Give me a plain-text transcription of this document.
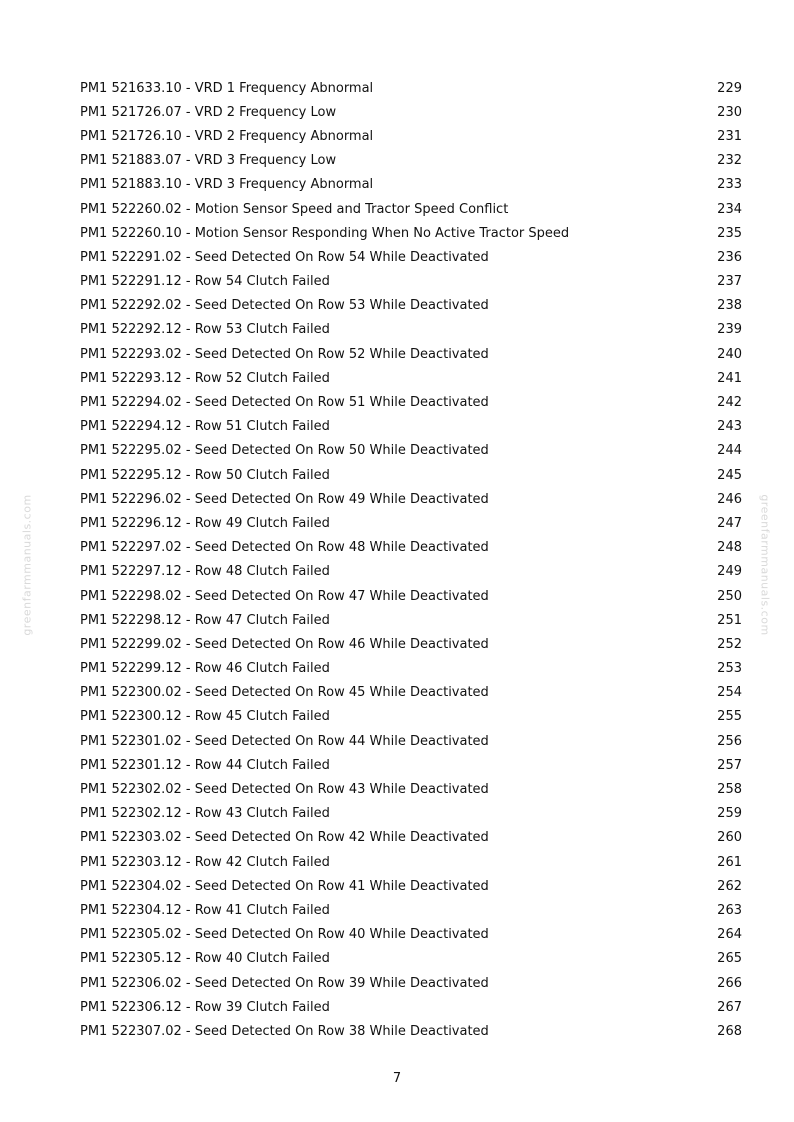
greenfarmmanuals.com	greenfarmmanuals.com
PM1 521633.10 - VRD 1 Frequency Abnormal	229
PM1 521726.07 - VRD 2 Frequency Low	230
PM1 521726.10 - VRD 2 Frequency Abnormal	231
PM1 521883.07 - VRD 3 Frequency Low	232
PM1 521883.10 - VRD 3 Frequency Abnormal	233
PM1 522260.02 - Motion Sensor Speed and Tractor Speed Conflict	234
PM1 522260.10 - Motion Sensor Responding When No Active Tractor Speed	235
PM1 522291.02 - Seed Detected On Row 54 While Deactivated	236
PM1 522291.12 - Row 54 Clutch Failed	237
PM1 522292.02 - Seed Detected On Row 53 While Deactivated	238
PM1 522292.12 - Row 53 Clutch Failed	239
PM1 522293.02 - Seed Detected On Row 52 While Deactivated	240
PM1 522293.12 - Row 52 Clutch Failed	241
PM1 522294.02 - Seed Detected On Row 51 While Deactivated	242
PM1 522294.12 - Row 51 Clutch Failed	243
PM1 522295.02 - Seed Detected On Row 50 While Deactivated	244
PM1 522295.12 - Row 50 Clutch Failed	245
PM1 522296.02 - Seed Detected On Row 49 While Deactivated	246
PM1 522296.12 - Row 49 Clutch Failed	247
PM1 522297.02 - Seed Detected On Row 48 While Deactivated	248
PM1 522297.12 - Row 48 Clutch Failed	249
PM1 522298.02 - Seed Detected On Row 47 While Deactivated	250
PM1 522298.12 - Row 47 Clutch Failed	251
PM1 522299.02 - Seed Detected On Row 46 While Deactivated	252
PM1 522299.12 - Row 46 Clutch Failed	253
PM1 522300.02 - Seed Detected On Row 45 While Deactivated	254
PM1 522300.12 - Row 45 Clutch Failed	255
PM1 522301.02 - Seed Detected On Row 44 While Deactivated	256
PM1 522301.12 - Row 44 Clutch Failed	257
PM1 522302.02 - Seed Detected On Row 43 While Deactivated	258
PM1 522302.12 - Row 43 Clutch Failed	259
PM1 522303.02 - Seed Detected On Row 42 While Deactivated	260
PM1 522303.12 - Row 42 Clutch Failed	261
PM1 522304.02 - Seed Detected On Row 41 While Deactivated	262
PM1 522304.12 - Row 41 Clutch Failed	263
PM1 522305.02 - Seed Detected On Row 40 While Deactivated	264
PM1 522305.12 - Row 40 Clutch Failed	265
PM1 522306.02 - Seed Detected On Row 39 While Deactivated	266
PM1 522306.12 - Row 39 Clutch Failed	267
PM1 522307.02 - Seed Detected On Row 38 While Deactivated	268
7
